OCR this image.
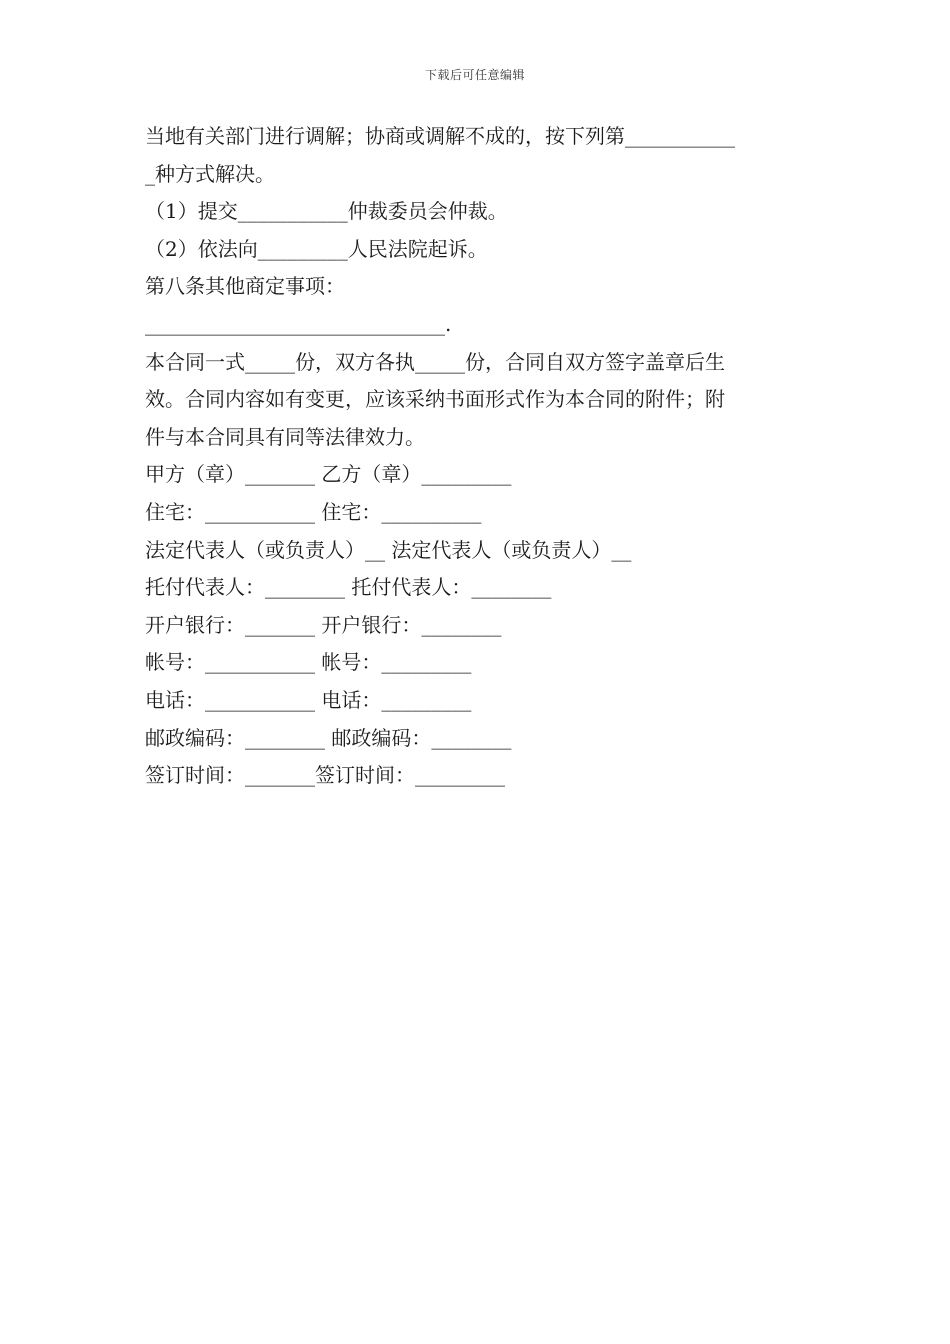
下载后可任意编辑

当地有关部门进行调解；协商或调解不成的，按下列第___________

_种方式解决。

（1）提交___________仲裁委员会仲裁。

（2）依法向_________人民法院起诉。

第八条其他商定事项：

______________________________.

本合同一式_____份，双方各执_____份，合同自双方签字盖章后生

效。合同内容如有变更，应该采纳书面形式作为本合同的附件；附

件与本合同具有同等法律效力。

甲方（章）_______ 乙方（章）_________

住宅：___________ 住宅：__________

法定代表人（或负责人）__ 法定代表人（或负责人）__

托付代表人：________ 托付代表人：________

开户银行：_______ 开户银行：________

帐号：___________ 帐号：_________

电话：___________ 电话：_________

邮政编码：________ 邮政编码：________

签订时间：_______签订时间：_________
